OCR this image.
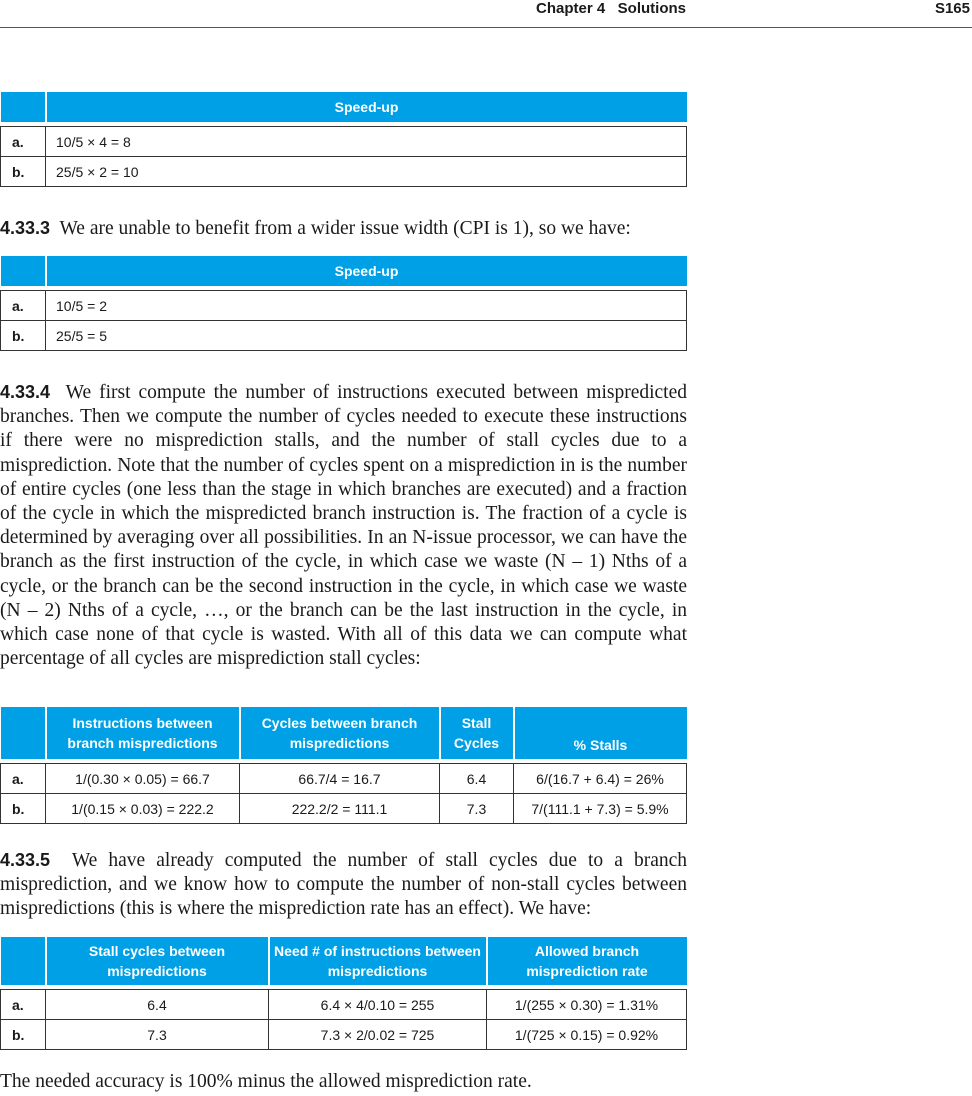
Chapter 4   Solutions	S165
	Speed-up

a.	10/5 × 4 = 8
b.	25/5 × 2 = 10
4.33.3 We are unable to benefit from a wider issue width (CPI is 1), so we have:
	Speed-up

a.	10/5 = 2
b.	25/5 = 5
4.33.4 We first compute the number of instructions executed between mispredicted branches. Then we compute the number of cycles needed to execute these instructions if there were no misprediction stalls, and the number of stall cycles due to a misprediction. Note that the number of cycles spent on a misprediction in is the number of entire cycles (one less than the stage in which branches are executed) and a fraction of the cycle in which the mispredicted branch instruction is. The fraction of a cycle is determined by averaging over all possibilities. In an N-issue processor, we can have the branch as the first instruction of the cycle, in which case we waste (N – 1) Nths of a cycle, or the branch can be the second instruction in the cycle, in which case we waste (N – 2) Nths of a cycle, …, or the branch can be the last instruction in the cycle, in which case none of that cycle is wasted. With all of this data we can compute what percentage of all cycles are misprediction stall cycles:
	Instructions between branch mispredictions	Cycles between branch mispredictions	Stall Cycles	% Stalls

a.	1/(0.30 × 0.05) = 66.7	66.7/4 = 16.7	6.4	6/(16.7 + 6.4) = 26%
b.	1/(0.15 × 0.03) = 222.2	222.2/2 = 111.1	7.3	7/(111.1 + 7.3) = 5.9%
4.33.5 We have already computed the number of stall cycles due to a branch misprediction, and we know how to compute the number of non-stall cycles between mispredictions (this is where the misprediction rate has an effect). We have:
	Stall cycles between mispredictions	Need # of instructions between mispredictions	Allowed branch misprediction rate

a.	6.4	6.4 × 4/0.10 = 255	1/(255 × 0.30) = 1.31%
b.	7.3	7.3 × 2/0.02 = 725	1/(725 × 0.15) = 0.92%
The needed accuracy is 100% minus the allowed misprediction rate.
